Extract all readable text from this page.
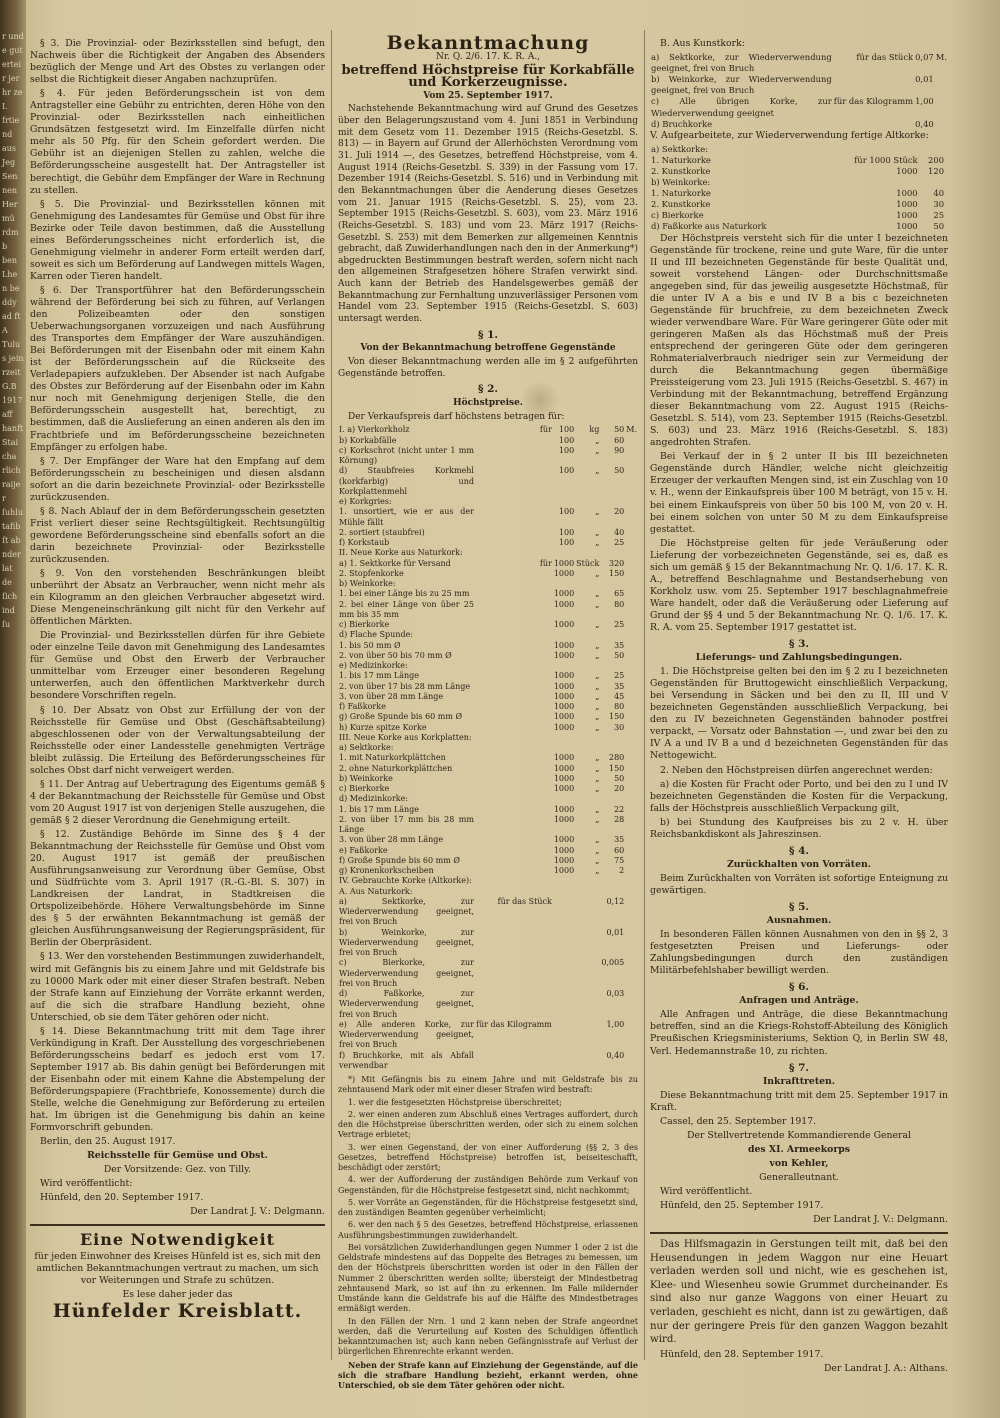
r und e gut ertei r jer hr ze I. frtie nd aus Jeg Sen nen Her mü rdm b ben Lhe n be ddy ad ft A Tulus jein rzeit G.B 1917 aff hanft Stai cha rlich raijer ſuhlu tafib ſt ab nder lat de ſich ind ſu

§ 3. Die Provinzial- oder Bezirksstellen sind befugt, den Nachweis über die Richtigkeit der Angaben des Absenders bezüglich der Menge und Art des Obstes zu verlangen oder selbst die Richtigkeit dieser Angaben nachzuprüfen.

§ 4. Für jeden Beförderungsschein ist von dem Antragsteller eine Gebühr zu entrichten, deren Höhe von den Provinzial- oder Bezirksstellen nach einheitlichen Grundsätzen festgesetzt wird. Im Einzelfalle dürfen nicht mehr als 50 Pfg. für den Schein gefordert werden. Die Gebühr ist an diejenigen Stellen zu zahlen, welche die Beförderungsscheine ausgestellt hat. Der Antragsteller ist berechtigt, die Gebühr dem Empfänger der Ware in Rechnung zu stellen.

§ 5. Die Provinzial- und Bezirksstellen können mit Genehmigung des Landesamtes für Gemüse und Obst für ihre Bezirke oder Teile davon bestimmen, daß die Ausstellung eines Beförderungsscheines nicht erforderlich ist, die Genehmigung vielmehr in anderer Form erteilt werden darf, soweit es sich um Beförderung auf Landwegen mittels Wagen, Karren oder Tieren handelt.

§ 6. Der Transportführer hat den Beförderungsschein während der Beförderung bei sich zu führen, auf Verlangen den Polizeibeamten oder den sonstigen Ueberwachungsorganen vorzuzeigen und nach Ausführung des Transportes dem Empfänger der Ware auszuhändigen. Bei Beförderungen mit der Eisenbahn oder mit einem Kahn ist der Beförderungsschein auf die Rückseite des Verladepapiers aufzukleben. Der Absender ist nach Aufgabe des Obstes zur Beförderung auf der Eisenbahn oder im Kahn nur noch mit Genehmigung derjenigen Stelle, die den Beförderungsschein ausgestellt hat, berechtigt, zu bestimmen, daß die Auslieferung an einen anderen als den im Frachtbriefe und im Beförderungsscheine bezeichneten Empfänger zu erfolgen habe.

§ 7. Der Empfänger der Ware hat den Empfang auf dem Beförderungsschein zu bescheinigen und diesen alsdann sofort an die darin bezeichnete Provinzial- oder Bezirksstelle zurückzusenden.

§ 8. Nach Ablauf der in dem Beförderungsschein gesetzten Frist verliert dieser seine Rechtsgültigkeit. Rechtsungültig gewordene Beförderungsscheine sind ebenfalls sofort an die darin bezeichnete Provinzial- oder Bezirksstelle zurückzusenden.

§ 9. Von den vorstehenden Beschränkungen bleibt unberührt der Absatz an Verbraucher, wenn nicht mehr als ein Kilogramm an den gleichen Verbraucher abgesetzt wird. Diese Mengeneinschränkung gilt nicht für den Verkehr auf öffentlichen Märkten.

Die Provinzial- und Bezirksstellen dürfen für ihre Gebiete oder einzelne Teile davon mit Genehmigung des Landesamtes für Gemüse und Obst den Erwerb der Verbraucher unmittelbar vom Erzeuger einer besonderen Regelung unterwerfen, auch den öffentlichen Marktverkehr durch besondere Vorschriften regeln.

§ 10. Der Absatz von Obst zur Erfüllung der von der Reichsstelle für Gemüse und Obst (Geschäftsabteilung) abgeschlossenen oder von der Verwaltungsabteilung der Reichsstelle oder einer Landesstelle genehmigten Verträge bleibt zulässig. Die Erteilung des Beförderungsscheines für solches Obst darf nicht verweigert werden.

§ 11. Der Antrag auf Uebertragung des Eigentums gemäß § 4 der Bekanntmachung der Reichsstelle für Gemüse und Obst vom 20 August 1917 ist von derjenigen Stelle auszugehen, die gemäß § 2 dieser Verordnung die Genehmigung erteilt.

§ 12. Zuständige Behörde im Sinne des § 4 der Bekanntmachung der Reichsstelle für Gemüse und Obst vom 20. August 1917 ist gemäß der preußischen Ausführungsanweisung zur Verordnung über Gemüse, Obst und Südfrüchte vom 3. April 1917 (R.-G.-Bl. S. 307) in Landkreisen der Landrat, in Stadtkreisen die Ortspolizeibehörde. Höhere Verwaltungsbehörde im Sinne des § 5 der erwähnten Bekanntmachung ist gemäß der gleichen Ausführungsanweisung der Regierungspräsident, für Berlin der Oberpräsident.

§ 13. Wer den vorstehenden Bestimmungen zuwiderhandelt, wird mit Gefängnis bis zu einem Jahre und mit Geldstrafe bis zu 10000 Mark oder mit einer dieser Strafen bestraft. Neben der Strafe kann auf Einziehung der Vorräte erkannt werden, auf die sich die strafbare Handlung bezieht, ohne Unterschied, ob sie dem Täter gehören oder nicht.

§ 14. Diese Bekanntmachung tritt mit dem Tage ihrer Verkündigung in Kraft. Der Ausstellung des vorgeschriebenen Beförderungsscheins bedarf es jedoch erst vom 17. September 1917 ab. Bis dahin genügt bei Beförderungen mit der Eisenbahn oder mit einem Kahne die Abstempelung der Beförderungspapiere (Frachtbriefe, Konossemente) durch die Stelle, welche die Genehmigung zur Beförderung zu erteilen hat. Im übrigen ist die Genehmigung bis dahin an keine Formvorschrift gebunden.

Berlin, den 25. August 1917.

Reichsstelle für Gemüse und Obst.

Der Vorsitzende: Gez. von Tilly.

Wird veröffentlicht:

Hünfeld, den 20. September 1917.

Der Landrat J. V.: Delgmann.

Eine Notwendigkeit

für jeden Einwohner des Kreises Hünfeld ist es, sich mit den amtlichen Bekanntmachungen vertraut zu machen, um sich vor Weiterungen und Strafe zu schützen.

Es lese daher jeder das

Hünfelder Kreisblatt.
Bekanntmachung

Nr. Q. 2/6. 17. K. R. A.,

betreffend Höchstpreise für Korkabfälle und Korkerzeugnisse.

Vom 25. September 1917.

Nachstehende Bekanntmachung wird auf Grund des Gesetzes über den Belagerungszustand vom 4. Juni 1851 in Verbindung mit dem Gesetz vom 11. Dezember 1915 (Reichs-Gesetzbl. S. 813) — in Bayern auf Grund der Allerhöchsten Verordnung vom 31. Juli 1914 —, des Gesetzes, betreffend Höchstpreise, vom 4. August 1914 (Reichs-Gesetzbl. S. 339) in der Fassung vom 17. Dezember 1914 (Reichs-Gesetzbl. S. 516) und in Verbindung mit den Bekanntmachungen über die Aenderung dieses Gesetzes vom 21. Januar 1915 (Reichs-Gesetzbl. S. 25), vom 23. September 1915 (Reichs-Gesetzbl. S. 603), vom 23. März 1916 (Reichs-Gesetzbl. S. 183) und vom 23. März 1917 (Reichs-Gesetzbl. S. 253) mit dem Bemerken zur allgemeinen Kenntnis gebracht, daß Zuwiderhandlungen nach den in der Anmerkung*) abgedruckten Bestimmungen bestraft werden, sofern nicht nach den allgemeinen Strafgesetzen höhere Strafen verwirkt sind. Auch kann der Betrieb des Handelsgewerbes gemäß der Bekanntmachung zur Fernhaltung unzuverlässiger Personen vom Handel vom 23. September 1915 (Reichs-Gesetzbl. S. 603) untersagt werden.

§ 1.

Von der Bekanntmachung betroffene Gegenstände

Von dieser Bekanntmachung werden alle im § 2 aufgeführten Gegenstände betroffen.

§ 2.

Höchstpreise.

Der Verkaufspreis darf höchstens betragen für:

I. a) Vierkorkholz	für	100	kg	50	M.
b) Korkabfälle		100	„	60	
c) Korkschrot (nicht unter 1 mm Körnung)		100	„	90	
d) Staubfreies Korkmehl (korkfarbig) und Korkplattenmehl		100	„	50	
e) Korkgries:					
1. unsortiert, wie er aus der Mühle fällt		100	„	20	
2. sortiert (staubfrei)		100	„	40	
f) Korkstaub		100	„	25	
II. Neue Korke aus Naturkork:					
a) 1. Sektkorke für Versand	für	1000	Stück	320	
2. Stopfenkorke		1000	„	150	
b) Weinkorke:					
1. bei einer Länge bis zu 25 mm		1000	„	65	
2. bei einer Länge von über 25 mm bis 35 mm		1000	„	80	
c) Bierkorke		1000	„	25	
d) Flache Spunde:					
1. bis 50 mm Ø		1000	„	35	
2. von über 50 bis 70 mm Ø		1000	„	50	
e) Medizinkorke:					
1. bis 17 mm Länge		1000	„	25	
2. von über 17 bis 28 mm Länge		1000	„	35	
3. von über 28 mm Länge		1000	„	45	
f) Faßkorke		1000	„	80	
g) Große Spunde bis 60 mm Ø		1000	„	150	
h) Kurze spitze Korke		1000	„	30	
III. Neue Korke aus Korkplatten:					
a) Sektkorke:					
1. mit Naturkorkplättchen		1000	„	280	
2. ohne Naturkorkplättchen		1000	„	150	
b) Weinkorke		1000	„	50	
c) Bierkorke		1000	„	20	
d) Medizinkorke:					
1. bis 17 mm Länge		1000	„	22	
2. von über 17 mm bis 28 mm Länge		1000	„	28	
3. von über 28 mm Länge		1000	„	35	
e) Faßkorke		1000	„	60	
f) Große Spunde bis 60 mm Ø		1000	„	75	
g) Kronenkorkscheiben		1000	„	2	
IV. Gebrauchte Korke (Altkorke):					
A. Aus Naturkork:					
a) Sektkorke, zur Wiederverwendung geeignet, frei von Bruch	für das Stück			0,12	
b) Weinkorke, zur Wiederverwendung geeignet, frei von Bruch				0,01	
c) Bierkorke, zur Wiederverwendung geeignet, frei von Bruch				0,005	
d) Faßkorke, zur Wiederverwendung geeignet, frei von Bruch				0,03	
e) Alle anderen Korke, zur Wiederverwendung geeignet, frei von Bruch	für das Kilogramm			1,00	
f) Bruchkorke, mit als Abfall verwendbar				0,40	

*) Mit Gefängnis bis zu einem Jahre und mit Geldstrafe bis zu zehntausend Mark oder mit einer dieser Strafen wird bestraft:

1. wer die festgesetzten Höchstpreise überschreitet;

2. wer einen anderen zum Abschluß eines Vertrages auffordert, durch den die Höchstpreise überschritten werden, oder sich zu einem solchen Vertrage erbietet;

3. wer einen Gegenstand, der von einer Aufforderung (§§ 2, 3 des Gesetzes, betreffend Höchstpreise) betroffen ist, beiseiteschafft, beschädigt oder zerstört;

4. wer der Aufforderung der zuständigen Behörde zum Verkauf von Gegenständen, für die Höchstpreise festgesetzt sind, nicht nachkommt;

5. wer Vorräte an Gegenständen, für die Höchstpreise festgesetzt sind, den zuständigen Beamten gegenüber verheimlicht;

6. wer den nach § 5 des Gesetzes, betreffend Höchstpreise, erlassenen Ausführungsbestimmungen zuwiderhandelt.

Bei vorsätzlichen Zuwiderhandlungen gegen Nummer 1 oder 2 ist die Geldstrafe mindestens auf das Doppelte des Betrages zu bemessen, um den der Höchstpreis überschritten worden ist oder in den Fällen der Nummer 2 überschritten werden sollte; übersteigt der Mindestbetrag zehntausend Mark, so ist auf ihn zu erkennen. Im Falle mildernder Umstände kann die Geldstrafe bis auf die Hälfte des Mindestbetrages ermäßigt werden.

In den Fällen der Nrn. 1 und 2 kann neben der Strafe angeordnet werden, daß die Verurteilung auf Kosten des Schuldigen öffentlich bekanntzumachen ist; auch kann neben Gefängnisstrafe auf Verlust der bürgerlichen Ehrenrechte erkannt werden.

Neben der Strafe kann auf Einziehung der Gegenstände, auf die sich die strafbare Handlung bezieht, erkannt werden, ohne Unterschied, ob sie dem Täter gehören oder nicht.

B. Aus Kunstkork:

a) Sektkorke, zur Wiederverwendung geeignet, frei von Bruch	für das Stück	0,07	M.
b) Weinkorke, zur Wiederverwendung geeignet, frei von Bruch		0,01	
c) Alle übrigen Korke, zur Wiederverwendung geeignet	für das Kilogramm	1,00	
d) Bruchkorke		0,40	

V. Aufgearbeitete, zur Wiederverwendung fertige Altkorke:

a) Sektkorke:			
1. Naturkorke	für 1000 Stück	200	
2. Kunstkorke	1000	120	
b) Weinkorke:			
1. Naturkorke	1000	40	
2. Kunstkorke	1000	30	
c) Bierkorke	1000	25	
d) Faßkorke aus Naturkork	1000	50	

Der Höchstpreis versteht sich für die unter I bezeichneten Gegenstände für trockene, reine und gute Ware, für die unter II und III bezeichneten Gegenstände für beste Qualität und, soweit vorstehend Längen- oder Durchschnittsmaße angegeben sind, für das jeweilig ausgesetzte Höchstmaß, für die unter IV A a bis e und IV B a bis c bezeichneten Gegenstände für bruchfreie, zu dem bezeichneten Zweck wieder verwendbare Ware. Für Ware geringerer Güte oder mit geringeren Maßen als das Höchstmaß muß der Preis entsprechend der geringeren Güte oder dem geringeren Rohmaterialverbrauch niedriger sein zur Vermeidung der durch die Bekanntmachung gegen übermäßige Preissteigerung vom 23. Juli 1915 (Reichs-Gesetzbl. S. 467) in Verbindung mit der Bekanntmachung, betreffend Ergänzung dieser Bekanntmachung vom 22. August 1915 (Reichs-Gesetzbl. S. 514), vom 23. September 1915 (Reichs-Gesetzbl. S. 603) und 23. März 1916 (Reichs-Gesetzbl. S. 183) angedrohten Strafen.

Bei Verkauf der in § 2 unter II bis III bezeichneten Gegenstände durch Händler, welche nicht gleichzeitig Erzeuger der verkauften Mengen sind, ist ein Zuschlag von 10 v. H., wenn der Einkaufspreis über 100 M beträgt, von 15 v. H. bei einem Einkaufspreis von über 50 bis 100 M, von 20 v. H. bei einem solchen von unter 50 M zu dem Einkaufspreise gestattet.

Die Höchstpreise gelten für jede Veräußerung oder Lieferung der vorbezeichneten Gegenstände, sei es, daß es sich um gemäß § 15 der Bekanntmachung Nr. Q. 1/6. 17. K. R. A., betreffend Beschlagnahme und Bestandserhebung von Korkholz usw. vom 25. September 1917 beschlagnahmefreie Ware handelt, oder daß die Veräußerung oder Lieferung auf Grund der §§ 4 und 5 der Bekanntmachung Nr. Q. 1/6. 17. K. R. A. vom 25. September 1917 gestattet ist.

§ 3.

Lieferungs- und Zahlungsbedingungen.

1. Die Höchstpreise gelten bei den im § 2 zu I bezeichneten Gegenständen für Bruttogewicht einschließlich Verpackung, bei Versendung in Säcken und bei den zu II, III und V bezeichneten Gegenständen ausschließlich Verpackung, bei den zu IV bezeichneten Gegenständen bahnoder postfrei verpackt, — Vorsatz oder Bahnstation —, und zwar bei den zu IV A a und IV B a und d bezeichneten Gegenständen für das Nettogewicht.

2. Neben den Höchstpreisen dürfen angerechnet werden:

a) die Kosten für Fracht oder Porto, und bei den zu I und IV bezeichneten Gegenständen die Kosten für die Verpackung, falls der Höchstpreis ausschließlich Verpackung gilt,

b) bei Stundung des Kaufpreises bis zu 2 v. H. über Reichsbankdiskont als Jahreszinsen.

§ 4.

Zurückhalten von Vorräten.

Beim Zurückhalten von Vorräten ist sofortige Enteignung zu gewärtigen.

§ 5.

Ausnahmen.

In besonderen Fällen können Ausnahmen von den in §§ 2, 3 festgesetzten Preisen und Lieferungs- oder Zahlungsbedingungen durch den zuständigen Militärbefehlshaber bewilligt werden.

§ 6.

Anfragen und Anträge.

Alle Anfragen und Anträge, die diese Bekanntmachung betreffen, sind an die Kriegs-Rohstoff-Abteilung des Königlich Preußischen Kriegsministeriums, Sektion Q, in Berlin SW 48, Verl. Hedemannstraße 10, zu richten.

§ 7.

Inkrafttreten.

Diese Bekanntmachung tritt mit dem 25. September 1917 in Kraft.

Cassel, den 25. September 1917.

Der Stellvertretende Kommandierende General

des XI. Armeekorps

von Kehler,

Generalleutnant.

Wird veröffentlicht.

Hünfeld, den 25. September 1917.

Der Landrat J. V.: Delgmann.

Das Hilfsmagazin in Gerstungen teilt mit, daß bei den Heusendungen in jedem Waggon nur eine Heuart verladen werden soll und nicht, wie es geschehen ist, Klee- und Wiesenheu sowie Grummet durcheinander. Es sind also nur ganze Waggons von einer Heuart zu verladen, geschieht es nicht, dann ist zu gewärtigen, daß nur der geringere Preis für den ganzen Waggon bezahlt wird.

Hünfeld, den 28. September 1917.

Der Landrat J. A.: Althans.
